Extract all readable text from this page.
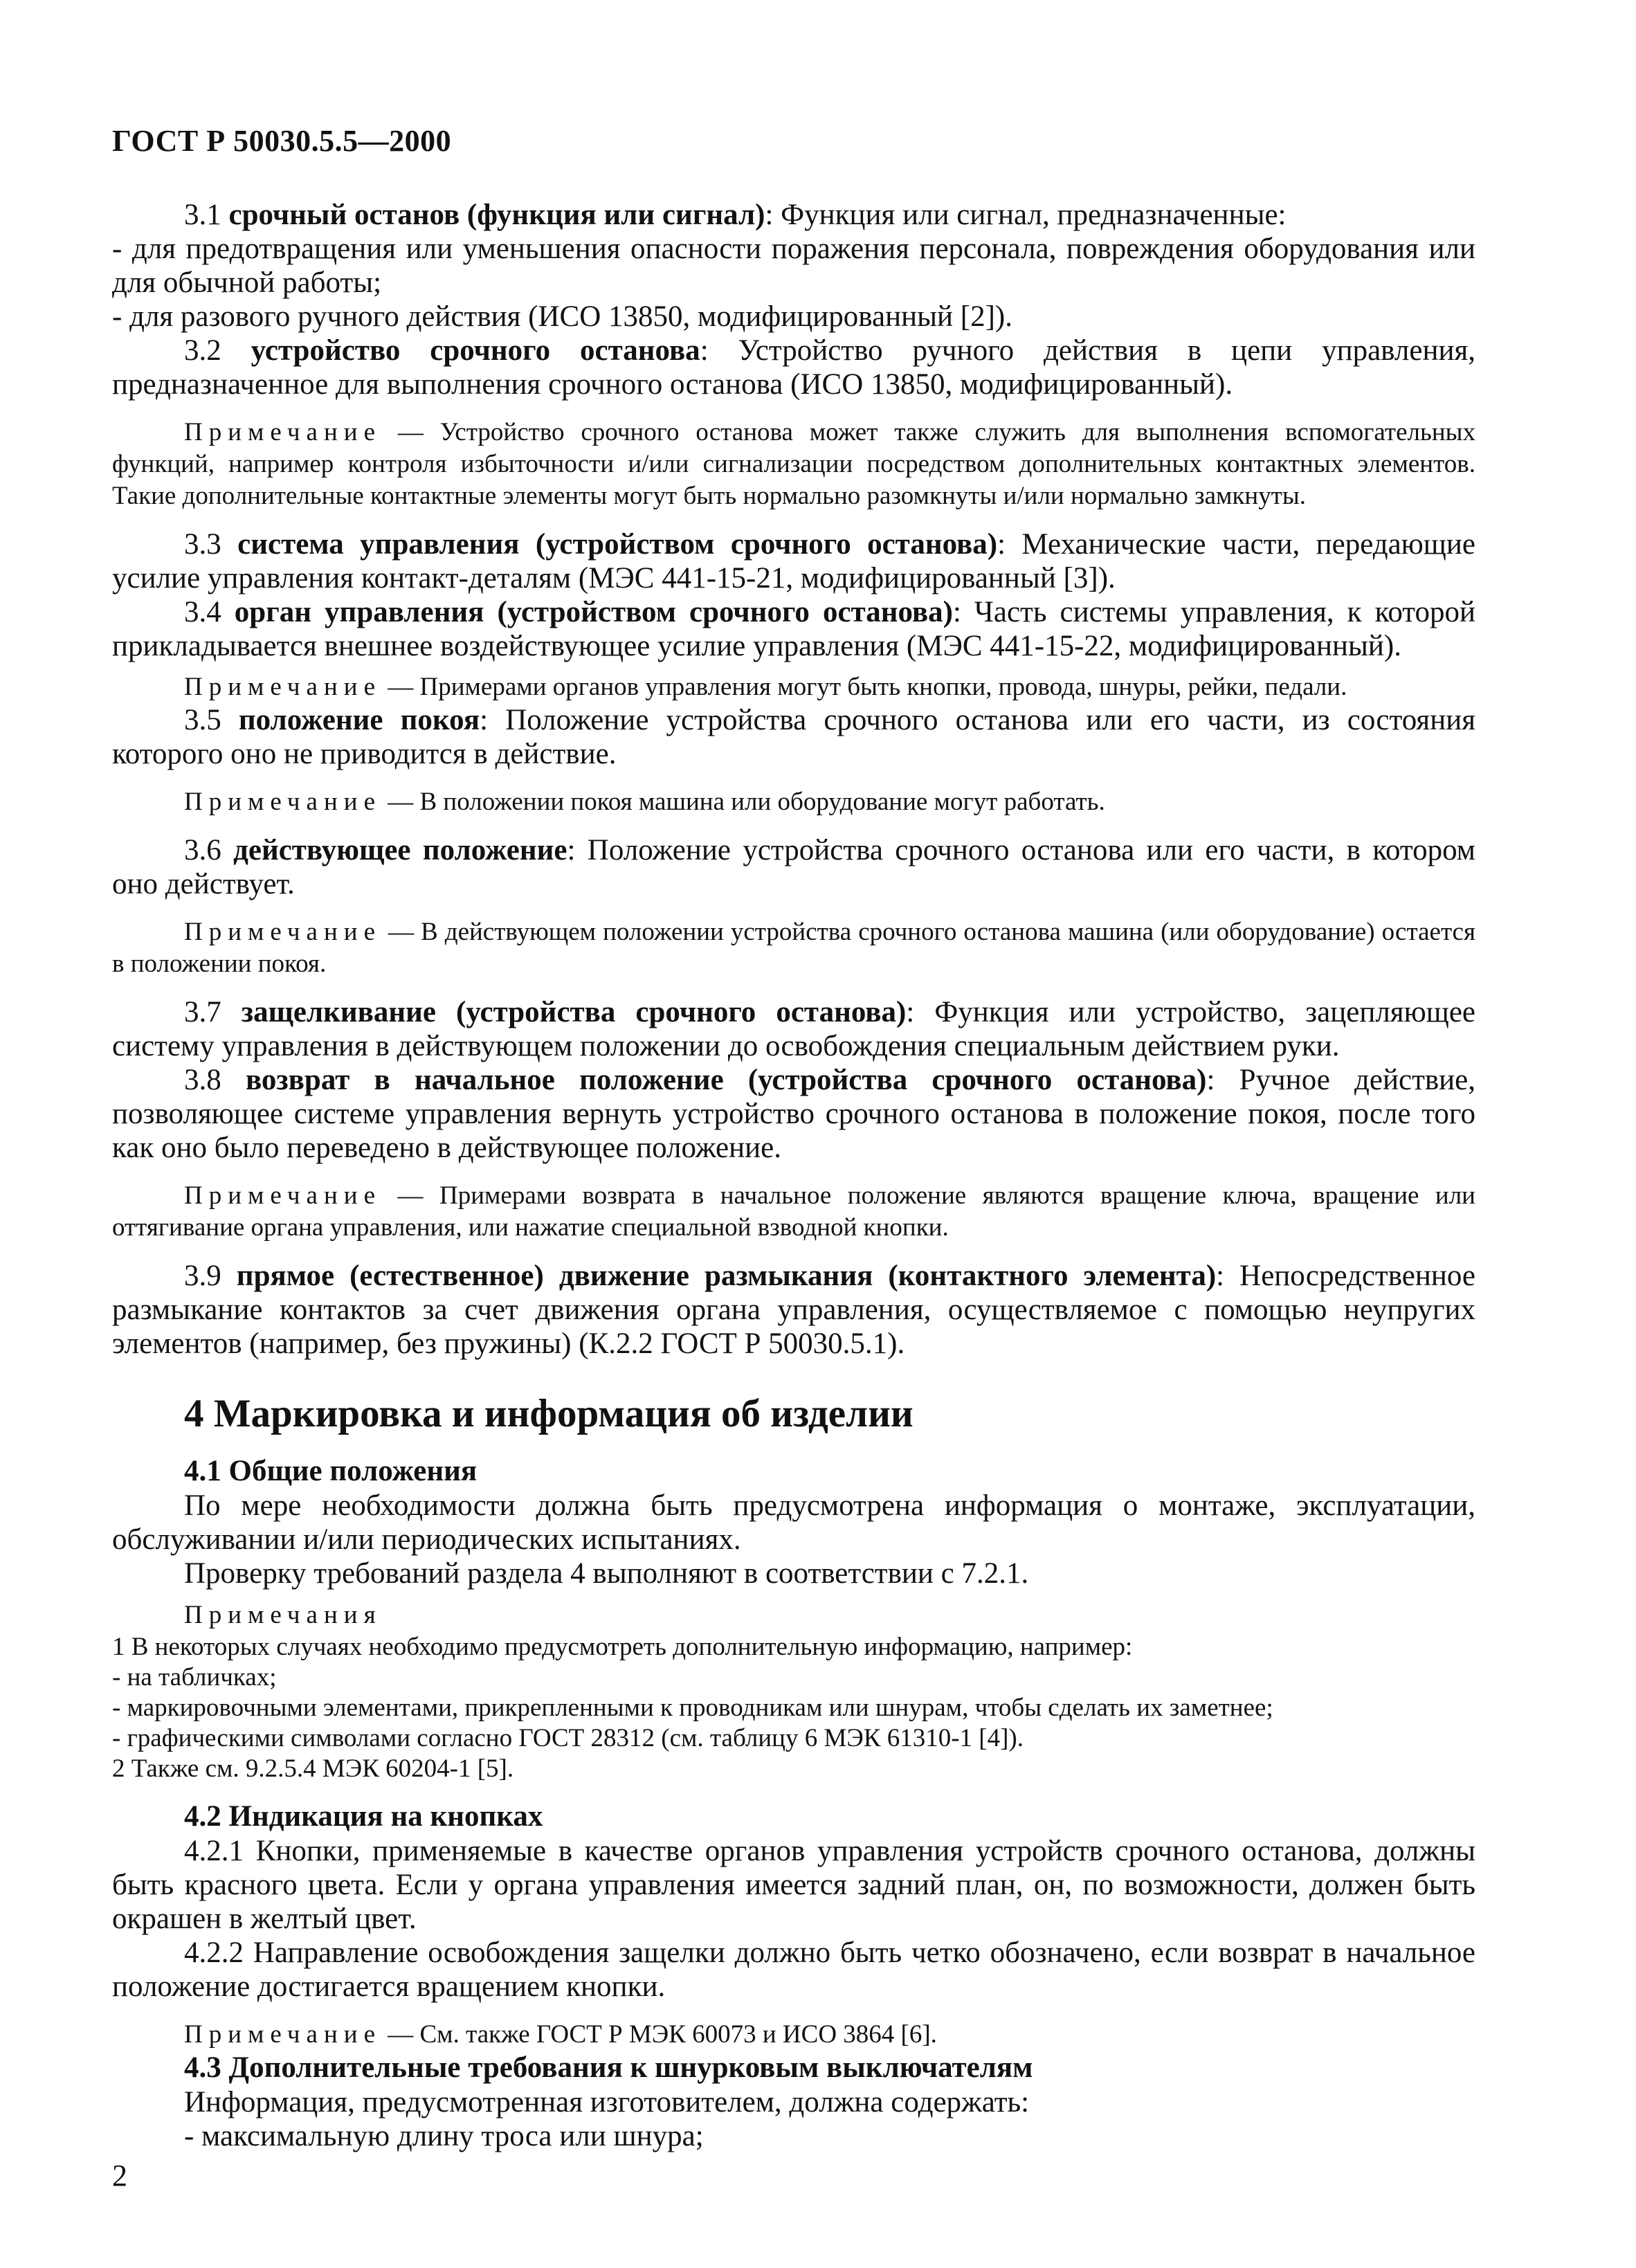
ГОСТ Р 50030.5.5—2000

3.1 срочный останов (функция или сигнал): Функция или сигнал, предназначенные:

- для предотвращения или уменьшения опасности поражения персонала, повреждения оборудования или для обычной работы;

- для разового ручного действия (ИСО 13850, модифицированный [2]).

3.2 устройство срочного останова: Устройство ручного действия в цепи управления, предназначенное для выполнения срочного останова (ИСО 13850, модифицированный).

Примечание — Устройство срочного останова может также служить для выполнения вспомогательных функций, например контроля избыточности и/или сигнализации посредством дополнительных контактных элементов. Такие дополнительные контактные элементы могут быть нормально разомкнуты и/или нормально замкнуты.

3.3 система управления (устройством срочного останова): Механические части, передающие усилие управления контакт-деталям (МЭС 441-15-21, модифицированный [3]).

3.4 орган управления (устройством срочного останова): Часть системы управления, к которой прикладывается внешнее воздействующее усилие управления (МЭС 441-15-22, модифицированный).

Примечание — Примерами органов управления могут быть кнопки, провода, шнуры, рейки, педали.

3.5 положение покоя: Положение устройства срочного останова или его части, из состояния которого оно не приводится в действие.

Примечание — В положении покоя машина или оборудование могут работать.

3.6 действующее положение: Положение устройства срочного останова или его части, в котором оно действует.

Примечание — В действующем положении устройства срочного останова машина (или оборудование) остается в положении покоя.

3.7 защелкивание (устройства срочного останова): Функция или устройство, зацепляющее систему управления в действующем положении до освобождения специальным действием руки.

3.8 возврат в начальное положение (устройства срочного останова): Ручное действие, позволяющее системе управления вернуть устройство срочного останова в положение покоя, после того как оно было переведено в действующее положение.

Примечание — Примерами возврата в начальное положение являются вращение ключа, вращение или оттягивание органа управления, или нажатие специальной взводной кнопки.

3.9 прямое (естественное) движение размыкания (контактного элемента): Непосредственное размыкание контактов за счет движения органа управления, осуществляемое с помощью неупругих элементов (например, без пружины) (К.2.2 ГОСТ Р 50030.5.1).

4 Маркировка и информация об изделии
4.1 Общие положения

По мере необходимости должна быть предусмотрена информация о монтаже, эксплуатации, обслуживании и/или периодических испытаниях.

Проверку требований раздела 4 выполняют в соответствии с 7.2.1.

Примечания

1 В некоторых случаях необходимо предусмотреть дополнительную информацию, например:
- на табличках;
- маркировочными элементами, прикрепленными к проводникам или шнурам, чтобы сделать их заметнее;
- графическими символами согласно ГОСТ 28312 (см. таблицу 6 МЭК 61310-1 [4]).
2 Также см. 9.2.5.4 МЭК 60204-1 [5].
4.2 Индикация на кнопках

4.2.1 Кнопки, применяемые в качестве органов управления устройств срочного останова, должны быть красного цвета. Если у органа управления имеется задний план, он, по возможности, должен быть окрашен в желтый цвет.

4.2.2 Направление освобождения защелки должно быть четко обозначено, если возврат в начальное положение достигается вращением кнопки.

Примечание — См. также ГОСТ Р МЭК 60073 и ИСО 3864 [6].

4.3 Дополнительные требования к шнурковым выключателям

Информация, предусмотренная изготовителем, должна содержать:

- максимальную длину троса или шнура;

2
